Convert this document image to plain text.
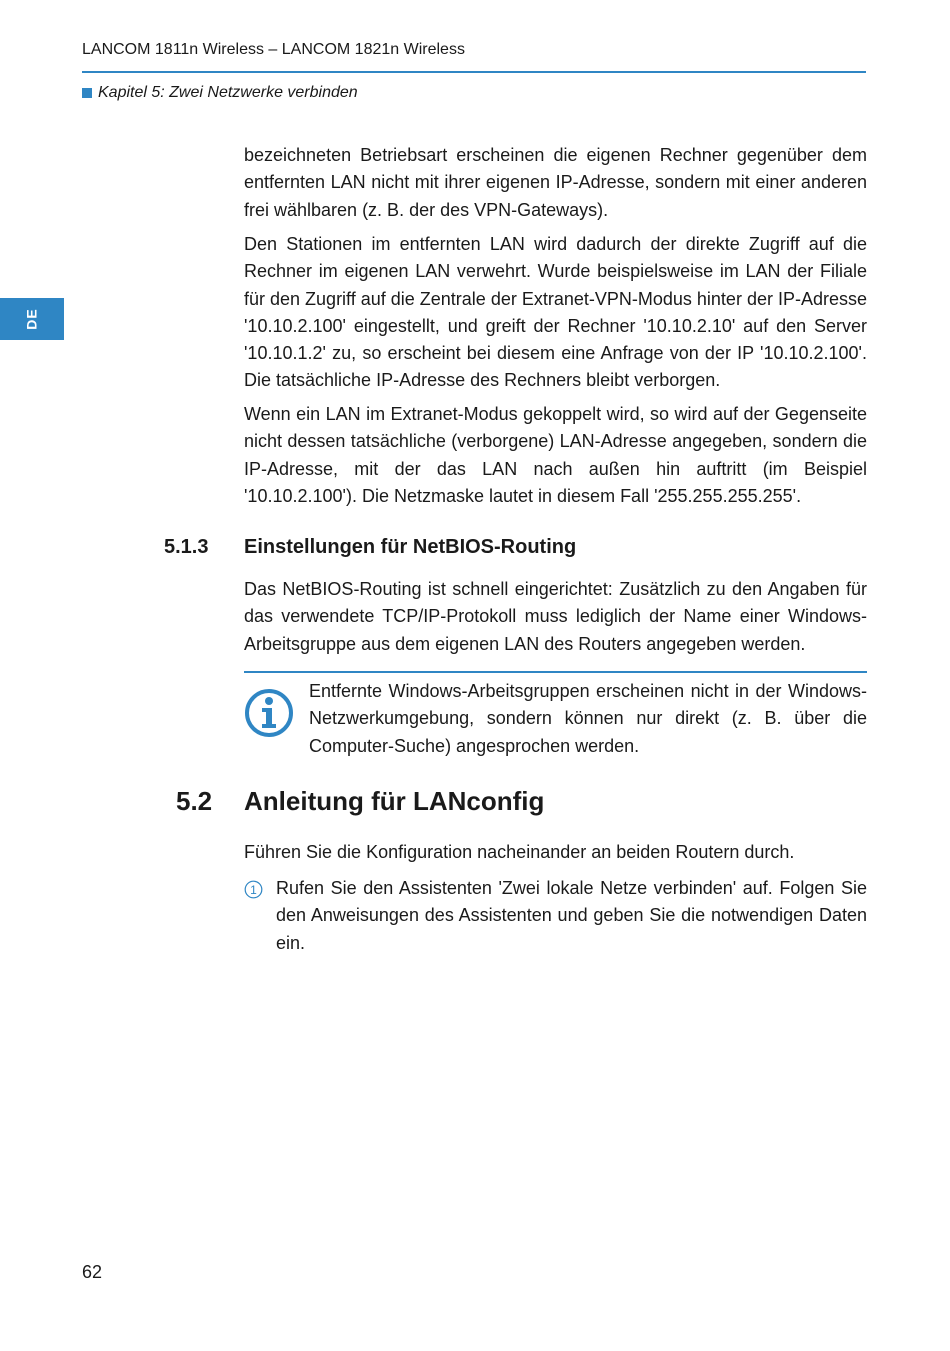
LANCOM 1811n Wireless – LANCOM 1821n Wireless
Kapitel 5: Zwei Netzwerke verbinden
DE

bezeichneten Betriebsart erscheinen die eigenen Rechner gegenüber dem entfernten LAN nicht mit ihrer eigenen IP-Adresse, sondern mit einer anderen frei wählbaren (z. B. der des VPN-Gateways).

Den Stationen im entfernten LAN wird dadurch der direkte Zugriff auf die Rechner im eigenen LAN verwehrt. Wurde beispielsweise im LAN der Filiale für den Zugriff auf die Zentrale der Extranet-VPN-Modus hinter der IP-Adresse '10.10.2.100' eingestellt, und greift der Rechner '10.10.2.10' auf den Server '10.10.1.2' zu, so erscheint bei diesem eine Anfrage von der IP '10.10.2.100'. Die tatsächliche IP-Adresse des Rechners bleibt verborgen.

Wenn ein LAN im Extranet-Modus gekoppelt wird, so wird auf der Gegenseite nicht dessen tatsächliche (verborgene) LAN-Adresse angegeben, sondern die IP-Adresse, mit der das LAN nach außen hin auftritt (im Beispiel '10.10.2.100'). Die Netzmaske lautet in diesem Fall '255.255.255.255'.

5.1.3	Einstellungen für NetBIOS-Routing

Das NetBIOS-Routing ist schnell eingerichtet: Zusätzlich zu den Angaben für das verwendete TCP/IP-Protokoll muss lediglich der Name einer Windows-Arbeitsgruppe aus dem eigenen LAN des Routers angegeben werden.

Entfernte Windows-Arbeitsgruppen erscheinen nicht in der Windows-Netzwerkumgebung, sondern können nur direkt (z. B. über die Computer-Suche) angesprochen werden.
5.2	Anleitung für LANconfig
Führen Sie die Konfiguration nacheinander an beiden Routern durch.
1 Rufen Sie den Assistenten 'Zwei lokale Netze verbinden' auf. Folgen Sie den Anweisungen des Assistenten und geben Sie die notwendigen Daten ein.
62
